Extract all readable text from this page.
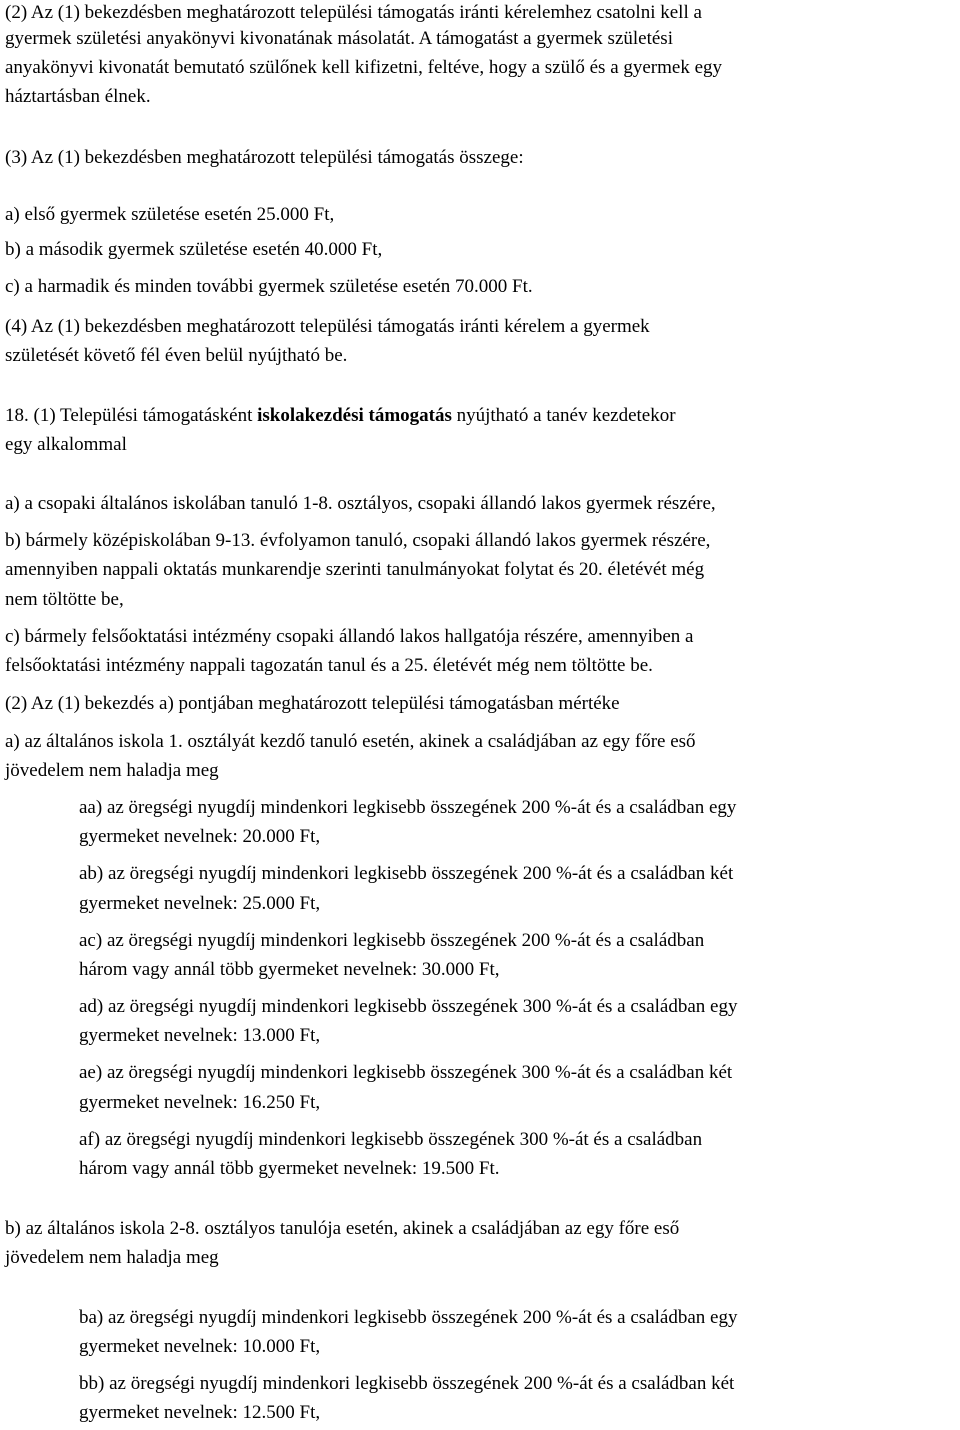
(2) Az (1) bekezdésben meghatározott települési támogatás iránti kérelemhez csatolni kell a
gyermek születési anyakönyvi kivonatának másolatát. A támogatást a gyermek születési
anyakönyvi kivonatát bemutató szülőnek kell kifizetni, feltéve, hogy a szülő és a gyermek egy
háztartásban élnek.
(3) Az (1) bekezdésben meghatározott települési támogatás összege:
a) első gyermek születése esetén 25.000 Ft,
b) a második gyermek születése esetén 40.000 Ft,
c) a harmadik és minden további gyermek születése esetén 70.000 Ft.
(4) Az (1) bekezdésben meghatározott települési támogatás iránti kérelem a gyermek
születését követő fél éven belül nyújtható be.
18. (1) Települési támogatásként iskolakezdési támogatás nyújtható a tanév kezdetekor
egy alkalommal
a) a csopaki általános iskolában tanuló 1-8. osztályos, csopaki állandó lakos gyermek részére,
b) bármely középiskolában 9-13. évfolyamon tanuló, csopaki állandó lakos gyermek részére,
amennyiben nappali oktatás munkarendje szerinti tanulmányokat folytat és 20. életévét még
nem töltötte be,
c) bármely felsőoktatási intézmény csopaki állandó lakos hallgatója részére, amennyiben a
felsőoktatási intézmény nappali tagozatán tanul és a 25. életévét még nem töltötte be.
(2) Az (1) bekezdés a) pontjában meghatározott települési támogatásban mértéke
a) az általános iskola 1. osztályát kezdő tanuló esetén, akinek a családjában az egy főre eső
jövedelem nem haladja meg
aa) az öregségi nyugdíj mindenkori legkisebb összegének 200 %-át és a családban egy
gyermeket nevelnek: 20.000 Ft,
ab) az öregségi nyugdíj mindenkori legkisebb összegének 200 %-át és a családban két
gyermeket nevelnek: 25.000 Ft,
ac) az öregségi nyugdíj mindenkori legkisebb összegének 200 %-át és a családban
három vagy annál több gyermeket nevelnek: 30.000 Ft,
ad) az öregségi nyugdíj mindenkori legkisebb összegének 300 %-át és a családban egy
gyermeket nevelnek: 13.000 Ft,
ae) az öregségi nyugdíj mindenkori legkisebb összegének 300 %-át és a családban két
gyermeket nevelnek: 16.250 Ft,
af) az öregségi nyugdíj mindenkori legkisebb összegének 300 %-át és a családban
három vagy annál több gyermeket nevelnek: 19.500 Ft.
b) az általános iskola 2-8. osztályos tanulója esetén, akinek a családjában az egy főre eső
jövedelem nem haladja meg
ba) az öregségi nyugdíj mindenkori legkisebb összegének 200 %-át és a családban egy
gyermeket nevelnek: 10.000 Ft,
bb) az öregségi nyugdíj mindenkori legkisebb összegének 200 %-át és a családban két
gyermeket nevelnek: 12.500 Ft,
